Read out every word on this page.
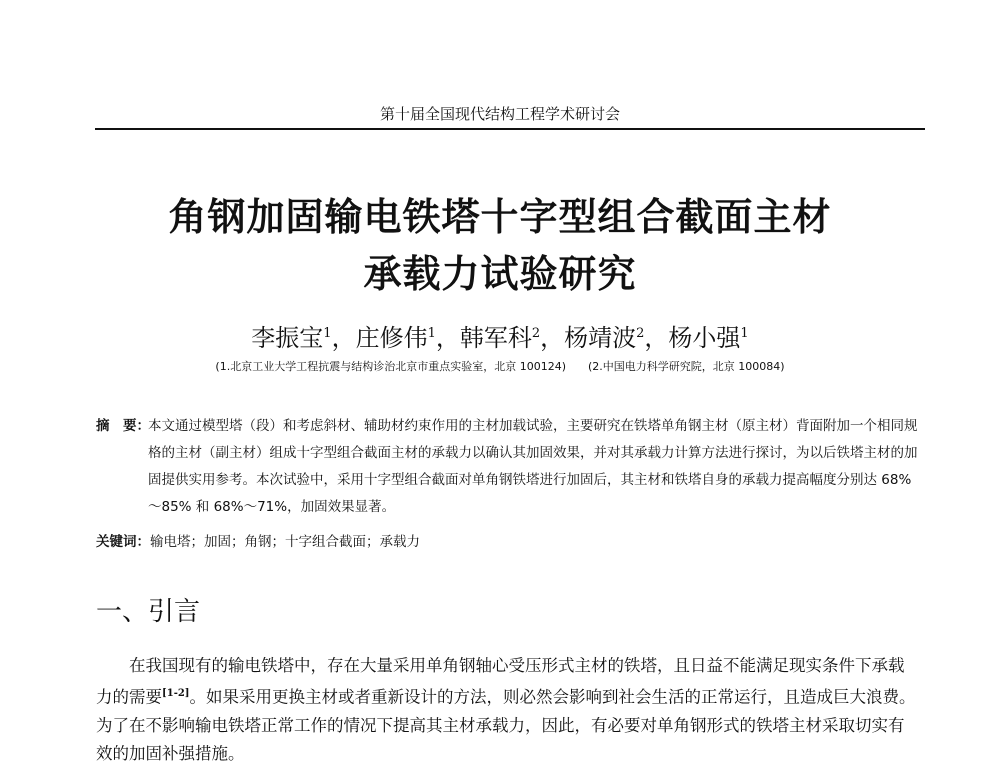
第十届全国现代结构工程学术研讨会
角钢加固输电铁塔十字型组合截面主材
承载力试验研究
李振宝$^1$，庄修伟$^1$，韩军科$^2$，杨靖波$^2$，杨小强$^1$
(1.北京工业大学工程抗震与结构诊治北京市重点实验室，北京 100124) (2.中国电力科学研究院，北京 100084)
摘　要：
本文通过模型塔（段）和考虑斜材、辅助材约束作用的主材加载试验，主要研究在铁塔单角钢主材（原主材）背面附加一个相同规格的主材（副主材）组成十字型组合截面主材的承载力以确认其加固效果，并对其承载力计算方法进行探讨，为以后铁塔主材的加固提供实用参考。本次试验中，采用十字型组合截面对单角钢铁塔进行加固后，其主材和铁塔自身的承载力提高幅度分别达 68%～85% 和 68%～71%，加固效果显著。
关键词：输电塔；加固；角钢；十字组合截面；承载力
一、引言
在我国现有的输电铁塔中，存在大量采用单角钢轴心受压形式主材的铁塔，且日益不能满足现实条件下承载力的需要[1-2]。如果采用更换主材或者重新设计的方法，则必然会影响到社会生活的正常运行，且造成巨大浪费。为了在不影响输电铁塔正常工作的情况下提高其主材承载力，因此，有必要对单角钢形式的铁塔主材采取切实有效的加固补强措施。
